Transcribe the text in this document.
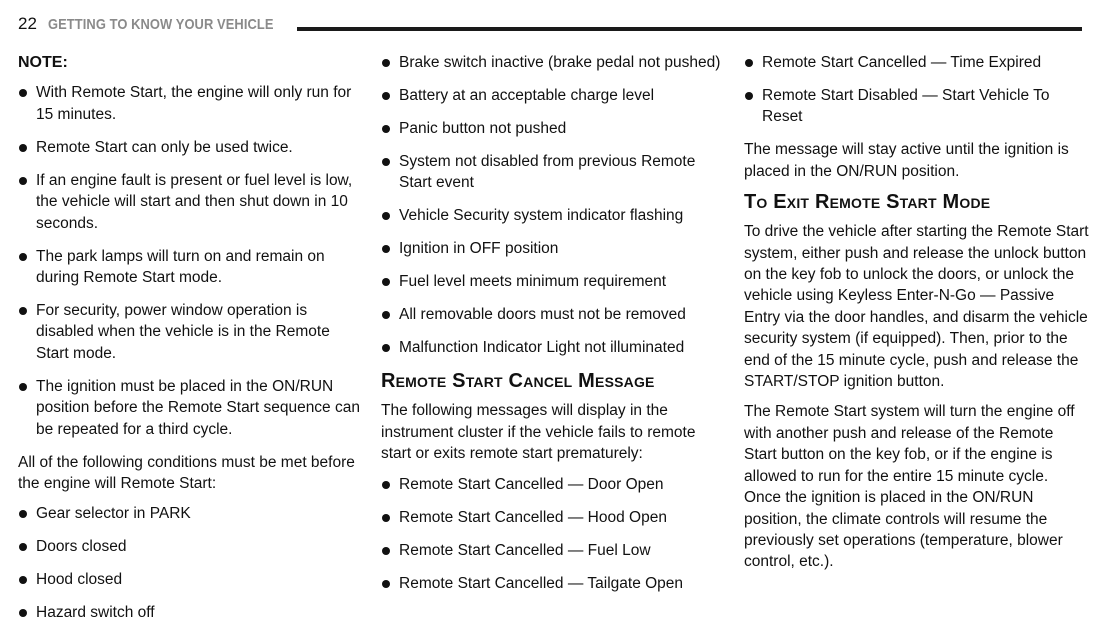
22 GETTING TO KNOW YOUR VEHICLE
NOTE:
With Remote Start, the engine will only run for 15 minutes.
Remote Start can only be used twice.
If an engine fault is present or fuel level is low, the vehicle will start and then shut down in 10 seconds.
The park lamps will turn on and remain on during Remote Start mode.
For security, power window operation is disabled when the vehicle is in the Remote Start mode.
The ignition must be placed in the ON/RUN position before the Remote Start sequence can be repeated for a third cycle.

All of the following conditions must be met before the engine will Remote Start:

Gear selector in PARK
Doors closed
Hood closed
Hazard switch off
Brake switch inactive (brake pedal not pushed)
Battery at an acceptable charge level
Panic button not pushed
System not disabled from previous Remote Start event
Vehicle Security system indicator flashing
Ignition in OFF position
Fuel level meets minimum requirement
All removable doors must not be removed
Malfunction Indicator Light not illuminated
Remote Start Cancel Message

The following messages will display in the instrument cluster if the vehicle fails to remote start or exits remote start prematurely:

Remote Start Cancelled — Door Open
Remote Start Cancelled — Hood Open
Remote Start Cancelled — Fuel Low
Remote Start Cancelled — Tailgate Open
Remote Start Cancelled — Time Expired
Remote Start Disabled — Start Vehicle To Reset

The message will stay active until the ignition is placed in the ON/RUN position.

To Exit Remote Start Mode

To drive the vehicle after starting the Remote Start system, either push and release the unlock button on the key fob to unlock the doors, or unlock the vehicle using Keyless Enter-N-Go — Passive Entry via the door handles, and disarm the vehicle security system (if equipped). Then, prior to the end of the 15 minute cycle, push and release the START/STOP ignition button.

The Remote Start system will turn the engine off with another push and release of the Remote Start button on the key fob, or if the engine is allowed to run for the entire 15 minute cycle. Once the ignition is placed in the ON/RUN position, the climate controls will resume the previously set operations (temperature, blower control, etc.).
